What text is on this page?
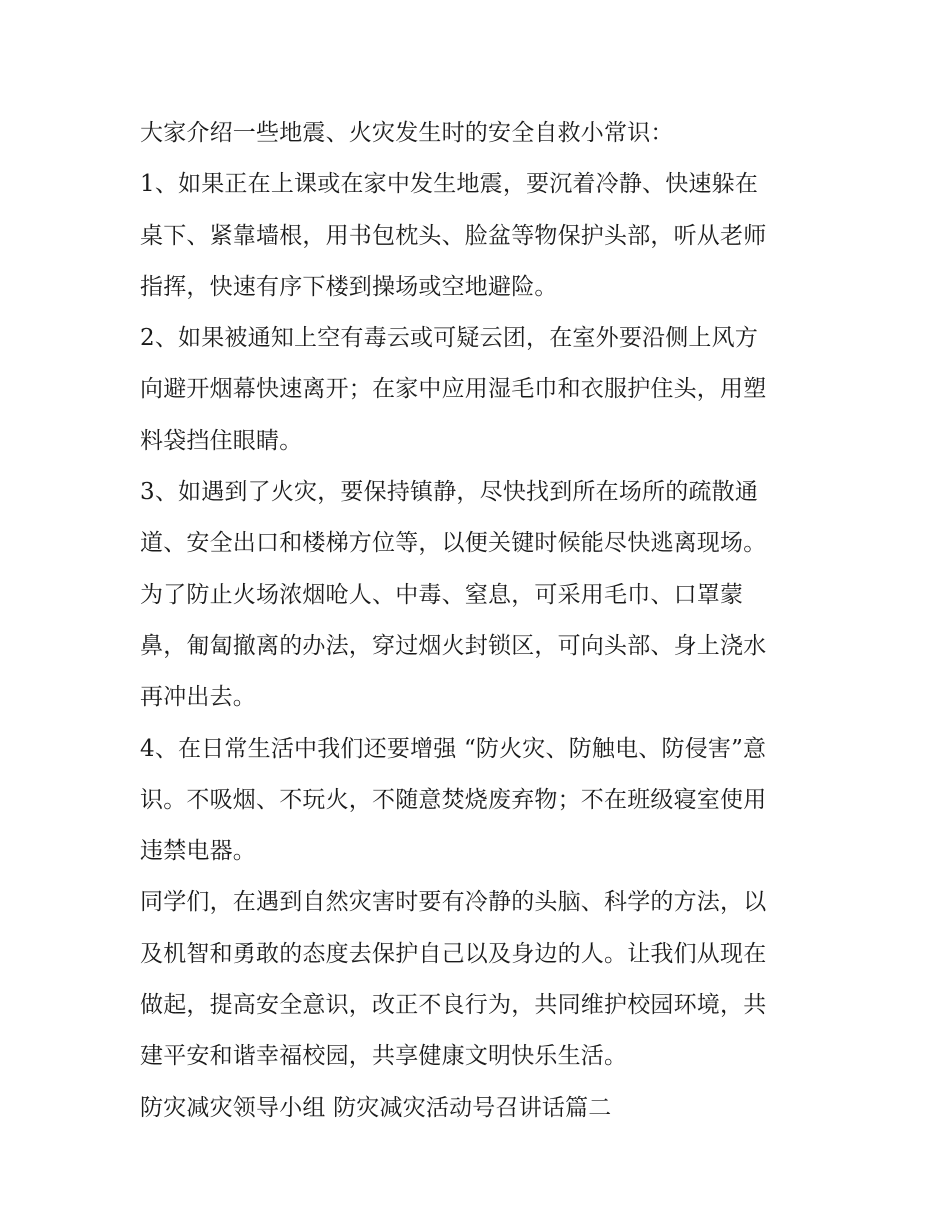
大家介绍一些地震、火灾发生时的安全自救小常识：
1、如果正在上课或在家中发生地震，要沉着冷静、快速躲在
桌下、紧靠墙根，用书包枕头、脸盆等物保护头部，听从老师
指挥，快速有序下楼到操场或空地避险。
2、如果被通知上空有毒云或可疑云团，在室外要沿侧上风方
向避开烟幕快速离开；在家中应用湿毛巾和衣服护住头，用塑
料袋挡住眼睛。
3、如遇到了火灾，要保持镇静，尽快找到所在场所的疏散通
道、安全出口和楼梯方位等，以便关键时候能尽快逃离现场。
为了防止火场浓烟呛人、中毒、窒息，可采用毛巾、口罩蒙
鼻，匍匐撤离的办法，穿过烟火封锁区，可向头部、身上浇水
再冲出去。
4、在日常生活中我们还要增强 “防火灾、防触电、防侵害”意
识。不吸烟、不玩火，不随意焚烧废弃物；不在班级寝室使用
违禁电器。
同学们，在遇到自然灾害时要有冷静的头脑、科学的方法，以
及机智和勇敢的态度去保护自己以及身边的人。让我们从现在
做起，提高安全意识，改正不良行为，共同维护校园环境，共
建平安和谐幸福校园，共享健康文明快乐生活。
防灾减灾领导小组 防灾减灾活动号召讲话篇二
